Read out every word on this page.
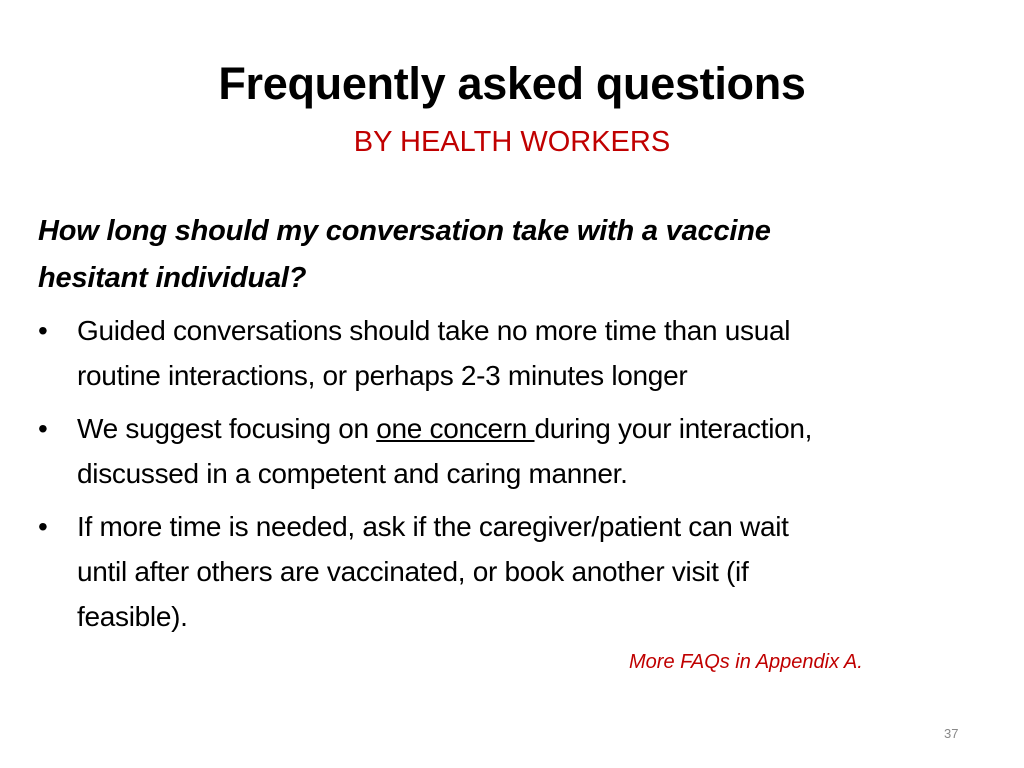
Frequently asked questions
BY HEALTH WORKERS
How long should my conversation take with a vaccine
hesitant individual?
• Guided conversations should take no more time than usual
routine interactions, or perhaps 2-3 minutes longer
• We suggest focusing on one concern during your interaction,
discussed in a competent and caring manner.
• If more time is needed, ask if the caregiver/patient can wait
until after others are vaccinated, or book another visit (if
feasible).
More FAQs in Appendix A.
37
